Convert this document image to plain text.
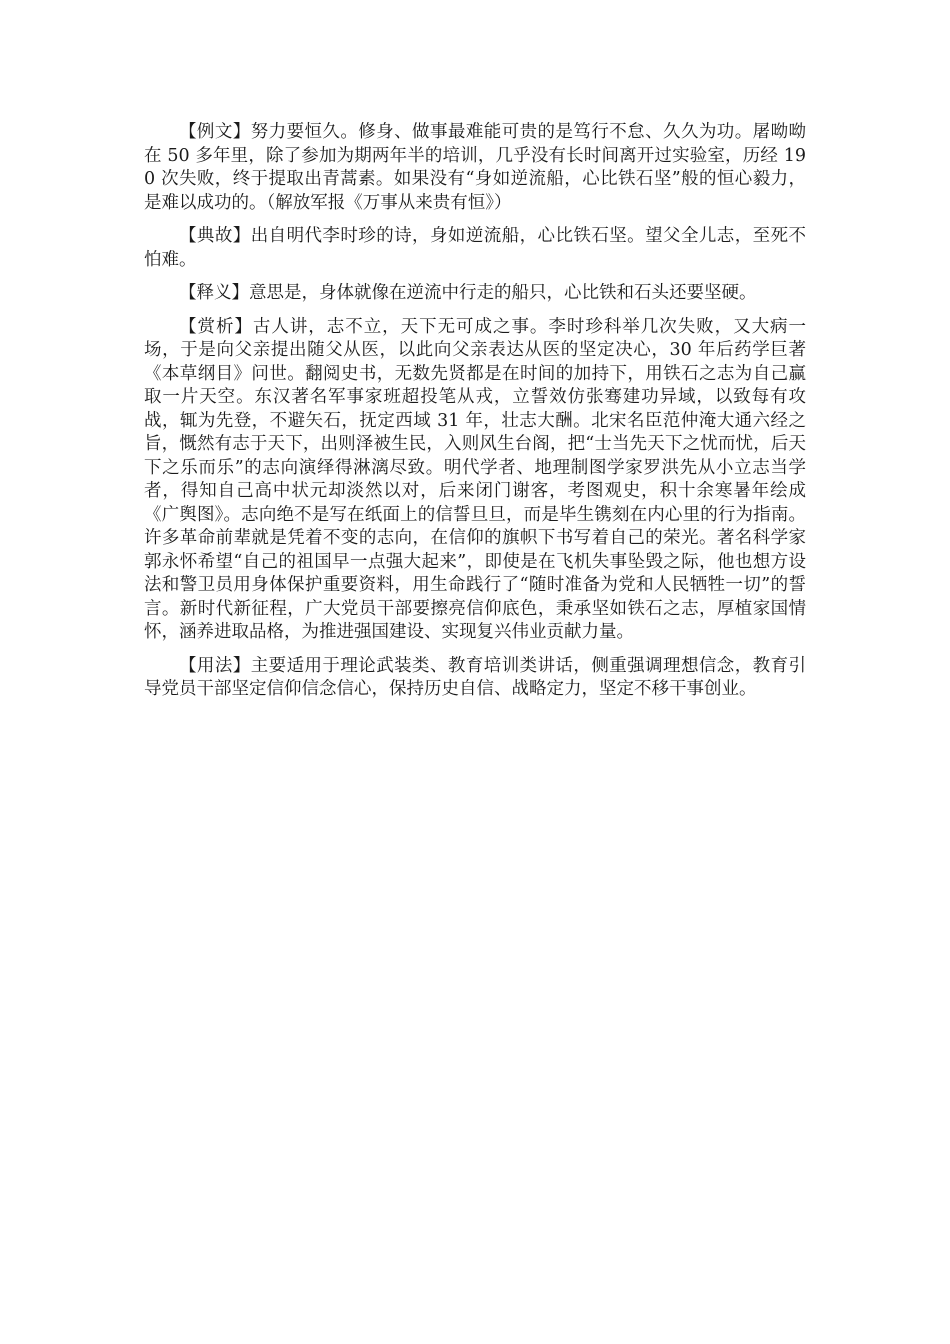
【例文】努力要恒久。修身、做事最难能可贵的是笃行不怠、久久为功。屠呦呦在 50 多年里，除了参加为期两年半的培训，几乎没有长时间离开过实验室，历经 190 次失败，终于提取出青蒿素。如果没有“身如逆流船，心比铁石坚”般的恒心毅力，是难以成功的。（解放军报《万事从来贵有恒》）

【典故】出自明代李时珍的诗，身如逆流船，心比铁石坚。望父全儿志，至死不怕难。

【释义】意思是，身体就像在逆流中行走的船只，心比铁和石头还要坚硬。

【赏析】古人讲，志不立，天下无可成之事。李时珍科举几次失败，又大病一场，于是向父亲提出随父从医，以此向父亲表达从医的坚定决心，30 年后药学巨著《本草纲目》问世。翻阅史书，无数先贤都是在时间的加持下，用铁石之志为自己赢取一片天空。东汉著名军事家班超投笔从戎，立誓效仿张骞建功异域，以致每有攻战，辄为先登，不避矢石，抚定西域 31 年，壮志大酬。北宋名臣范仲淹大通六经之旨，慨然有志于天下，出则泽被生民，入则风生台阁，把“士当先天下之忧而忧，后天下之乐而乐”的志向演绎得淋漓尽致。明代学者、地理制图学家罗洪先从小立志当学者，得知自己高中状元却淡然以对，后来闭门谢客，考图观史，积十余寒暑年绘成《广舆图》。志向绝不是写在纸面上的信誓旦旦，而是毕生镌刻在内心里的行为指南。许多革命前辈就是凭着不变的志向，在信仰的旗帜下书写着自己的荣光。著名科学家郭永怀希望“自己的祖国早一点强大起来”，即使是在飞机失事坠毁之际，他也想方设法和警卫员用身体保护重要资料，用生命践行了“随时准备为党和人民牺牲一切”的誓言。新时代新征程，广大党员干部要擦亮信仰底色，秉承坚如铁石之志，厚植家国情怀，涵养进取品格，为推进强国建设、实现复兴伟业贡献力量。

【用法】主要适用于理论武装类、教育培训类讲话，侧重强调理想信念，教育引导党员干部坚定信仰信念信心，保持历史自信、战略定力，坚定不移干事创业。
